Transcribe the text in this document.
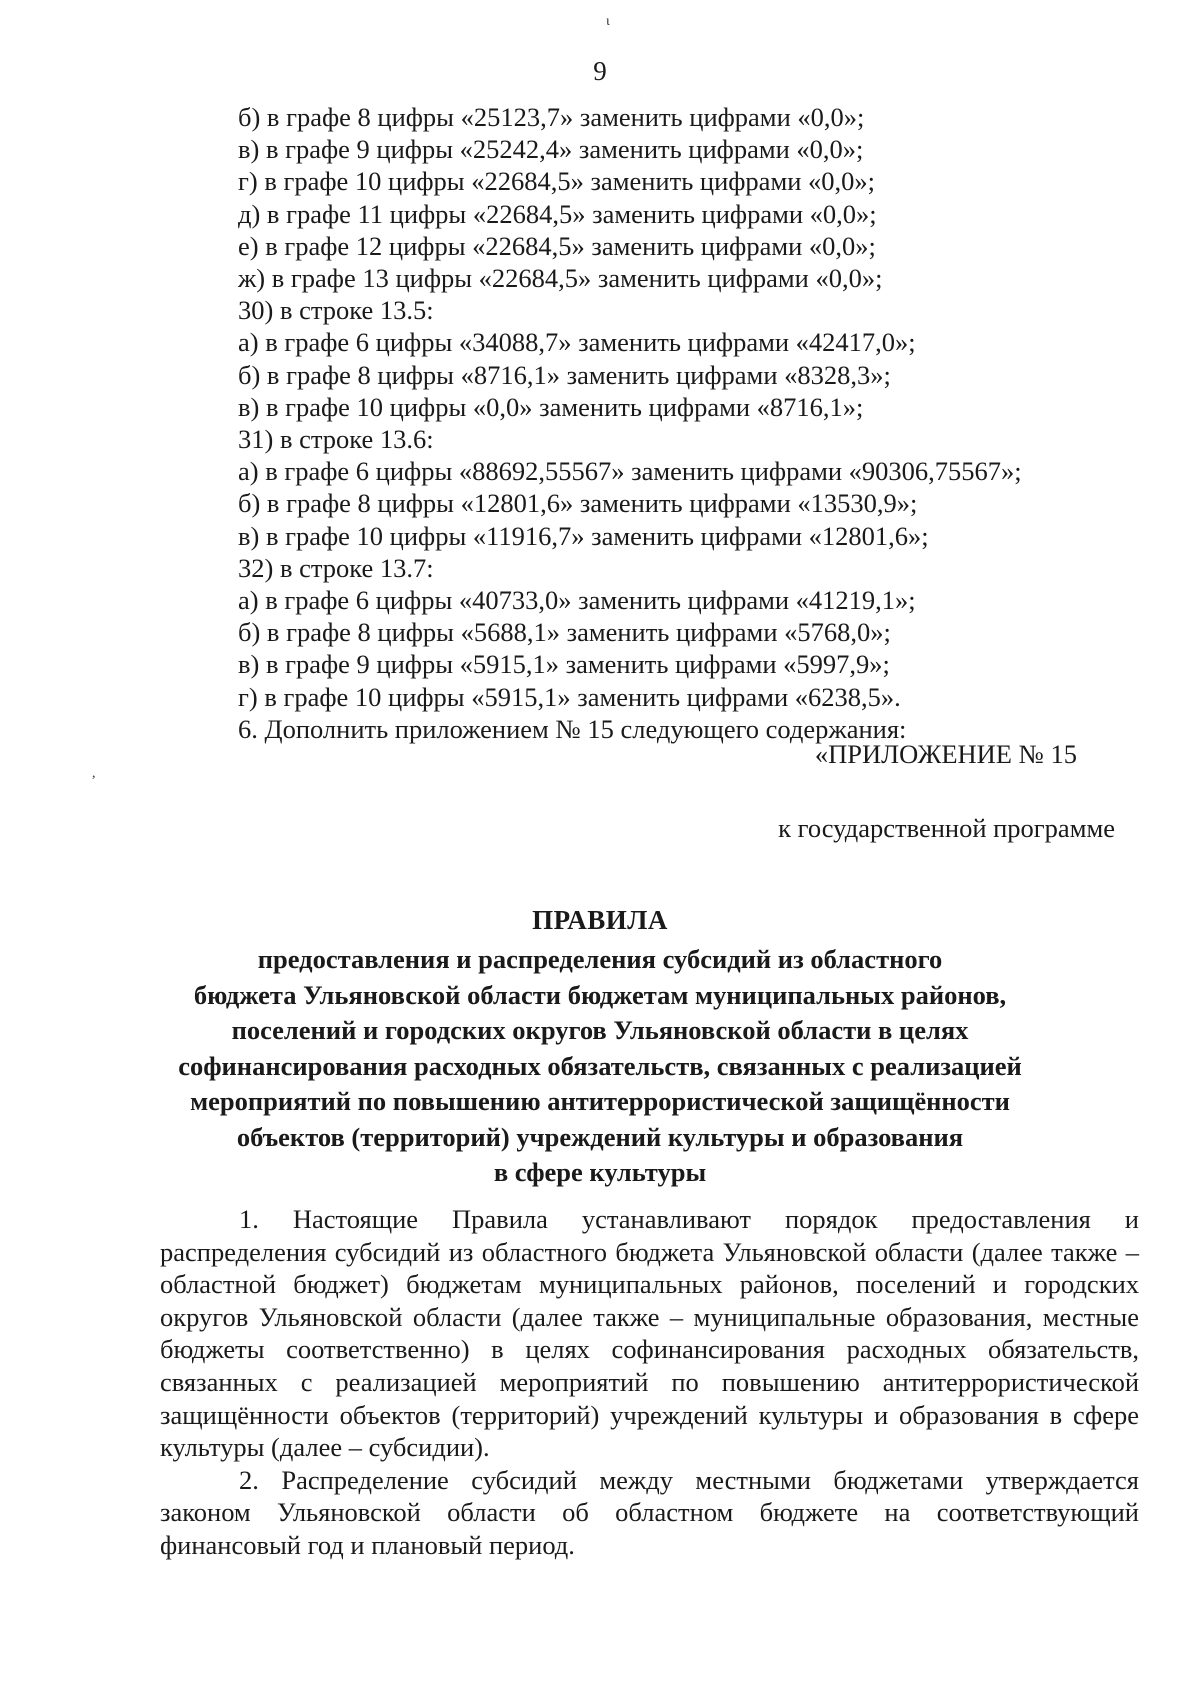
ι
,
9
б) в графе 8 цифры «25123,7» заменить цифрами «0,0»;
в) в графе 9 цифры «25242,4» заменить цифрами «0,0»;
г) в графе 10 цифры «22684,5» заменить цифрами «0,0»;
д) в графе 11 цифры «22684,5» заменить цифрами «0,0»;
е) в графе 12 цифры «22684,5» заменить цифрами «0,0»;
ж) в графе 13 цифры «22684,5» заменить цифрами «0,0»;
30) в строке 13.5:
а) в графе 6 цифры «34088,7» заменить цифрами «42417,0»;
б) в графе 8 цифры «8716,1» заменить цифрами «8328,3»;
в) в графе 10 цифры «0,0» заменить цифрами «8716,1»;
31) в строке 13.6:
а) в графе 6 цифры «88692,55567» заменить цифрами «90306,75567»;
б) в графе 8 цифры «12801,6» заменить цифрами «13530,9»;
в) в графе 10 цифры «11916,7» заменить цифрами «12801,6»;
32) в строке 13.7:
а) в графе 6 цифры «40733,0» заменить цифрами «41219,1»;
б) в графе 8 цифры «5688,1» заменить цифрами «5768,0»;
в) в графе 9 цифры «5915,1» заменить цифрами «5997,9»;
г) в графе 10 цифры «5915,1» заменить цифрами «6238,5».
6. Дополнить приложением № 15 следующего содержания:
«ПРИЛОЖЕНИЕ № 15
к государственной программе
ПРАВИЛА
предоставления и распределения субсидий из областного
бюджета Ульяновской области бюджетам муниципальных районов,
поселений и городских округов Ульяновской области в целях
софинансирования расходных обязательств, связанных с реализацией
мероприятий по повышению антитеррористической защищённости
объектов (территорий) учреждений культуры и образования
в сфере культуры

1. Настоящие Правила устанавливают порядок предоставления и распределения субсидий из областного бюджета Ульяновской области (далее также – областной бюджет) бюджетам муниципальных районов, поселений и городских округов Ульяновской области (далее также – муниципальные образования, местные бюджеты соответственно) в целях софинансирования расходных обязательств, связанных с реализацией мероприятий по повышению антитеррористической защищённости объектов (территорий) учреждений культуры и образования в сфере культуры (далее – субсидии).

2. Распределение субсидий между местными бюджетами утверждается законом Ульяновской области об областном бюджете на соответствующий финансовый год и плановый период.
